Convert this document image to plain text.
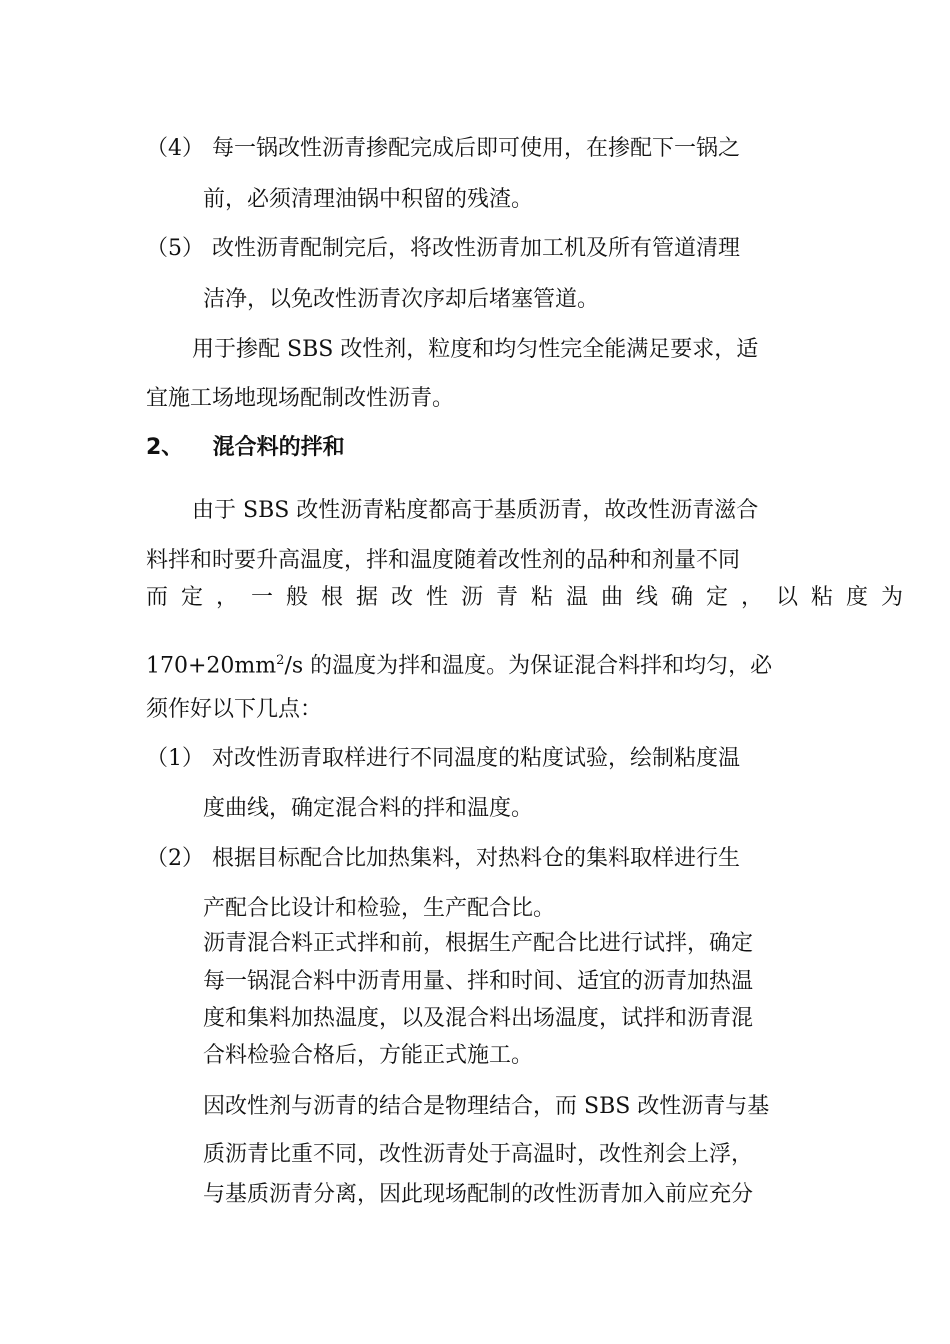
（4） 每一锅改性沥青掺配完成后即可使用，在掺配下一锅之
前，必须清理油锅中积留的残渣。
（5） 改性沥青配制完后，将改性沥青加工机及所有管道清理
洁净，以免改性沥青次序却后堵塞管道。
用于掺配 SBS 改性剂，粒度和均匀性完全能满足要求，适
宜施工场地现场配制改性沥青。
2、 混合料的拌和
由于 SBS 改性沥青粘度都高于基质沥青，故改性沥青滋合
料拌和时要升高温度，拌和温度随着改性剂的品种和剂量不同
而定，一般根据改性沥青粘温曲线确定，以粘度为
$170+20mm^2/s$ 的温度为拌和温度。为保证混合料拌和均匀，必
须作好以下几点：
（1） 对改性沥青取样进行不同温度的粘度试验，绘制粘度温
度曲线，确定混合料的拌和温度。
（2） 根据目标配合比加热集料，对热料仓的集料取样进行生
产配合比设计和检验，生产配合比。
沥青混合料正式拌和前，根据生产配合比进行试拌，确定
每一锅混合料中沥青用量、拌和时间、适宜的沥青加热温
度和集料加热温度，以及混合料出场温度，试拌和沥青混
合料检验合格后，方能正式施工。
因改性剂与沥青的结合是物理结合，而 SBS 改性沥青与基
质沥青比重不同，改性沥青处于高温时，改性剂会上浮，
与基质沥青分离，因此现场配制的改性沥青加入前应充分
